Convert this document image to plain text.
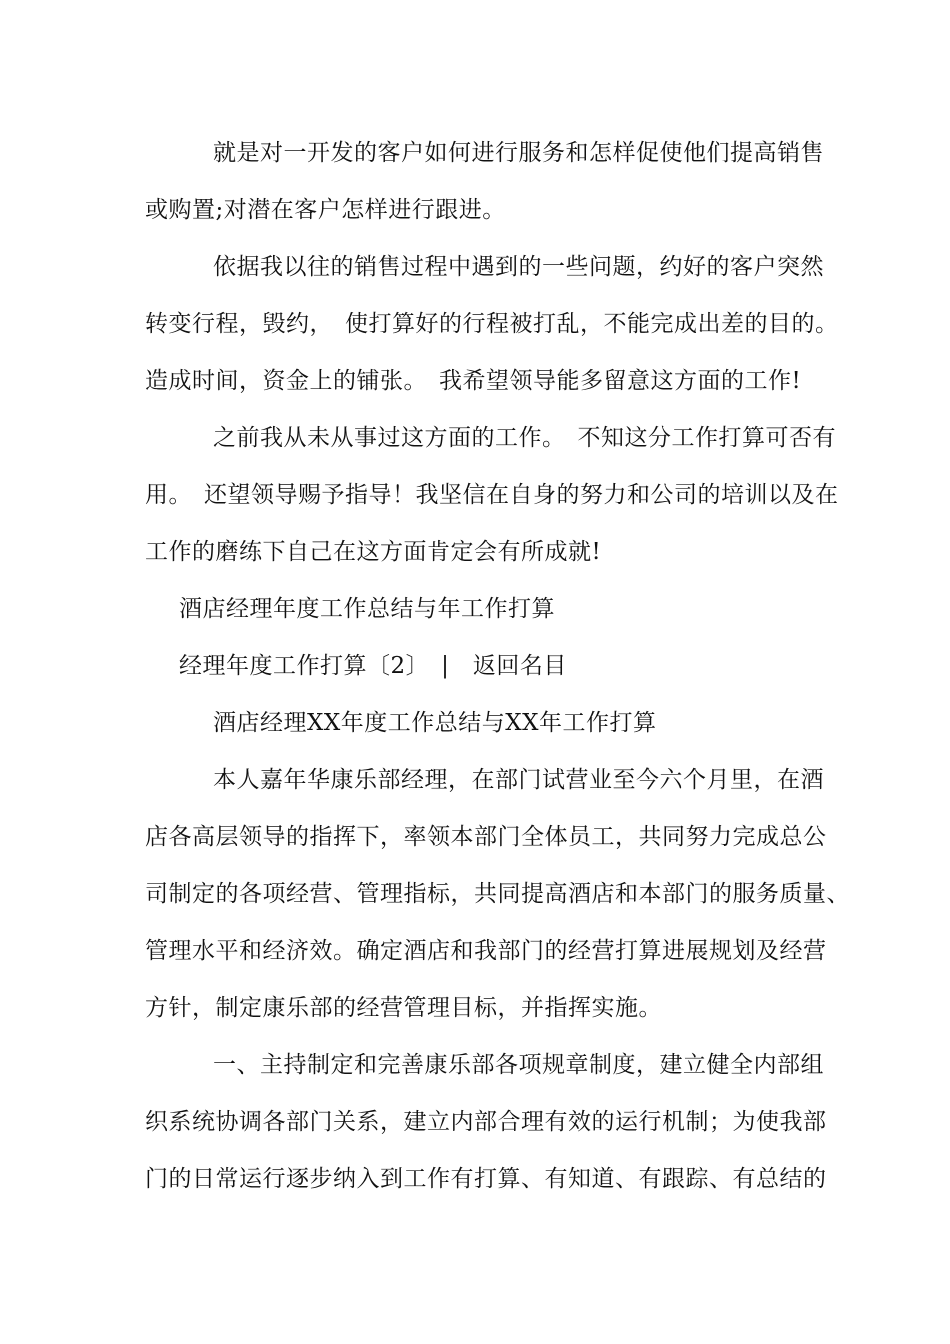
就是对一开发的客户如何进行服务和怎样促使他们提高销售
或购置;对潜在客户怎样进行跟进。
依据我以往的销售过程中遇到的一些问题，约好的客户突然
转变行程，毁约，　使打算好的行程被打乱，不能完成出差的目的。
造成时间，资金上的铺张。　我希望领导能多留意这方面的工作!
之前我从未从事过这方面的工作。　不知这分工作打算可否有
用。　还望领导赐予指导！我坚信在自身的努力和公司的培训以及在
工作的磨练下自己在这方面肯定会有所成就!
酒店经理年度工作总结与年工作打算
经理年度工作打算〔2〕　|　返回名目
酒店经理XX年度工作总结与XX年工作打算
本人嘉年华康乐部经理，在部门试营业至今六个月里，在酒
店各高层领导的指挥下，率领本部门全体员工，共同努力完成总公
司制定的各项经营、管理指标，共同提高酒店和本部门的服务质量、
管理水平和经济效。确定酒店和我部门的经营打算进展规划及经营
方针，制定康乐部的经营管理目标，并指挥实施。
一、主持制定和完善康乐部各项规章制度，建立健全内部组
织系统协调各部门关系，建立内部合理有效的运行机制；为使我部
门的日常运行逐步纳入到工作有打算、有知道、有跟踪、有总结的
